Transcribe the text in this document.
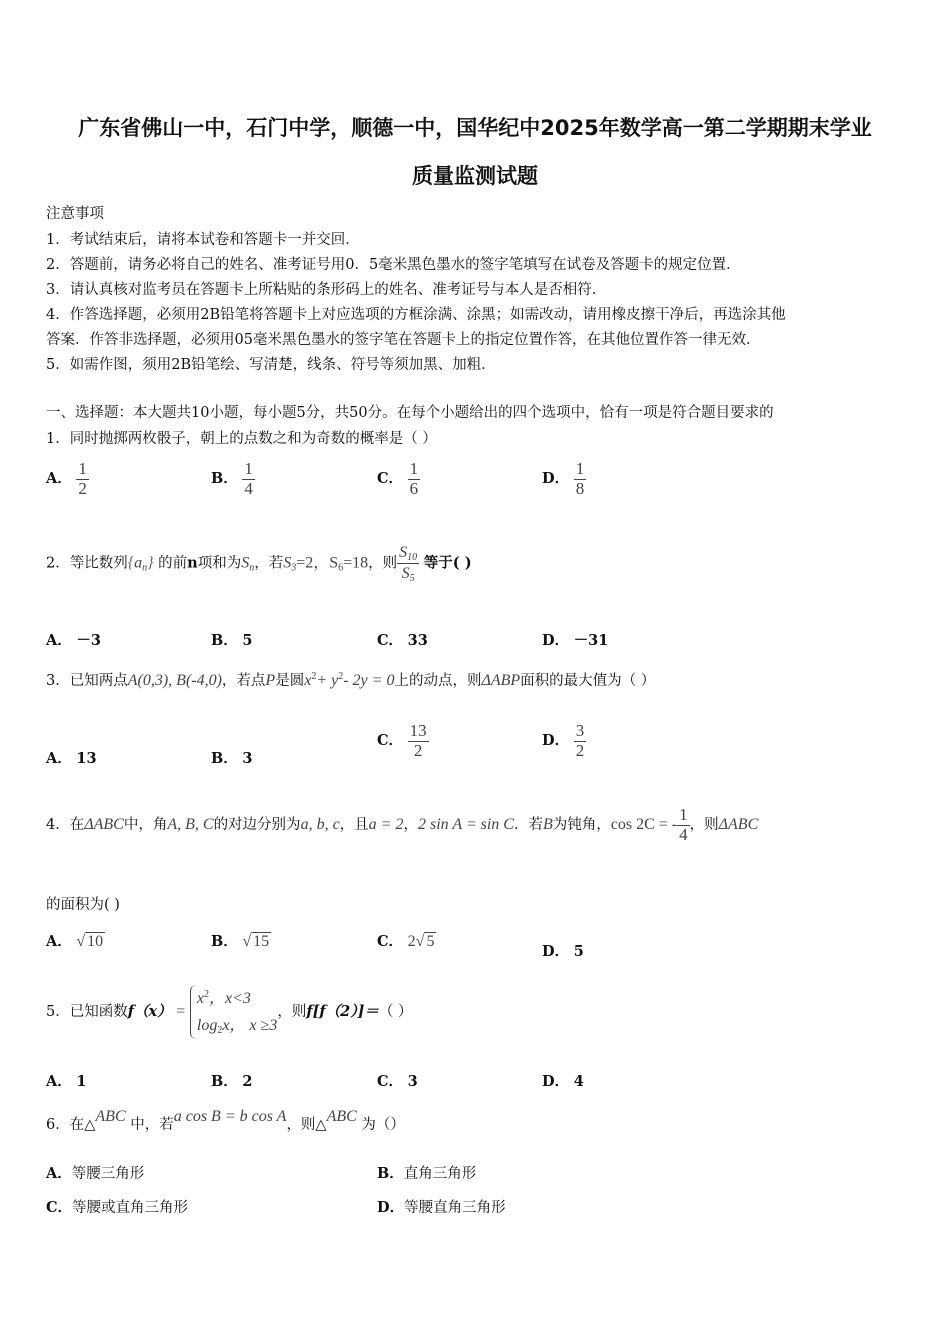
广东省佛山一中，石门中学，顺德一中，国华纪中2025年数学高一第二学期期末学业
质量监测试题
注意事项
1．考试结束后，请将本试卷和答题卡一并交回．
2．答题前，请务必将自己的姓名、准考证号用0．5毫米黑色墨水的签字笔填写在试卷及答题卡的规定位置．
3．请认真核对监考员在答题卡上所粘贴的条形码上的姓名、准考证号与本人是否相符．
4．作答选择题，必须用2B铅笔将答题卡上对应选项的方框涂满、涂黑；如需改动，请用橡皮擦干净后，再选涂其他
答案．作答非选择题，必须用05毫米黑色墨水的签字笔在答题卡上的指定位置作答，在其他位置作答一律无效．
5．如需作图，须用2B铅笔绘、写清楚，线条、符号等须加黑、加粗．
一、选择题：本大题共10小题，每小题5分，共50分。在每个小题给出的四个选项中，恰有一项是符合题目要求的
1．同时抛掷两枚骰子，朝上的点数之和为奇数的概率是（ ）
A． $\frac{1}{2}$	B． $\frac{1}{4}$	C． $\frac{1}{6}$	D． $\frac{1}{8}$
2．等比数列$\{a_n\}$ 的前n项和为$S_n$，若$S_3=2$，$S_6=18$，则 $\frac{S_{10}}{S_5}$ 等于( )
A． －3	B． 5	C． 33	D． －31
3．已知两点A(0,3), B(-4,0)，若点P是圆$x^2+ y^2-$ 2y = 0上的动点，则ΔABP面积的最大值为（ ）
A． 13	B． 3
C． $\frac{13}{2}$	D． $\frac{3}{2}$
4．在ΔABC中，角A, B, C的对边分别为a, b, c，且a = 2，2 sin A = sin C．若B为钝角，cos 2C = - $\frac{1}{4}$ ，则ΔABC
的面积为( )
A． √ 10	B． √ 15	C． 2√ 5
D． 5
5．已知函数f（x） =
$x^2$，x<3
$\log_2x$， x ≥3
，则f[f（2）]＝（ ）
A． 1	B． 2	C． 3	D． 4
6．在△ABC 中，若a cos B = b cos A，则△ABC 为（）
A．等腰三角形	B．直角三角形
C．等腰或直角三角形	D．等腰直角三角形
